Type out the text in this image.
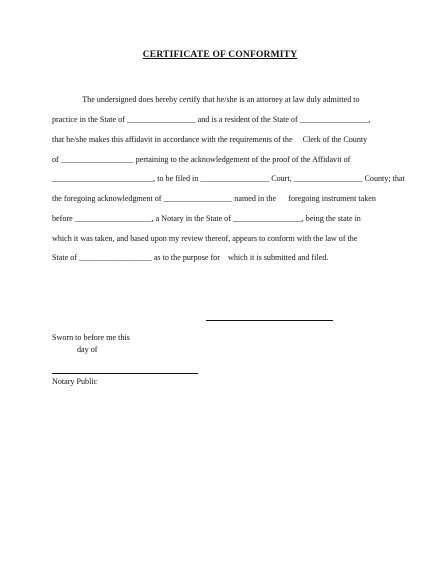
CERTIFICATE OF CONFORMITY
The undersigned does hereby certify that he/she is an attorney at law duly admitted to
practice in the State of _________________ and is a resident of the State of _________________,
that he/she makes this affidavit in accordance with the requirements of the     Clerk of the County
of __________________ pertaining to the acknowledgement of the proof of the Affidavit of
_________________________, to be filed in _________________ Court, _________________ County; that
the foregoing acknowledgment of _________________ named in the      foregoing instrument taken
before ___________________, a Notary in the State of _________________, being the state in
which it was taken, and based upon my review thereof, appears to conform with the law of the
State of __________________ as to the purpose for    which it is submitted and filed.
Sworn to before me this
day of
Notary Public
